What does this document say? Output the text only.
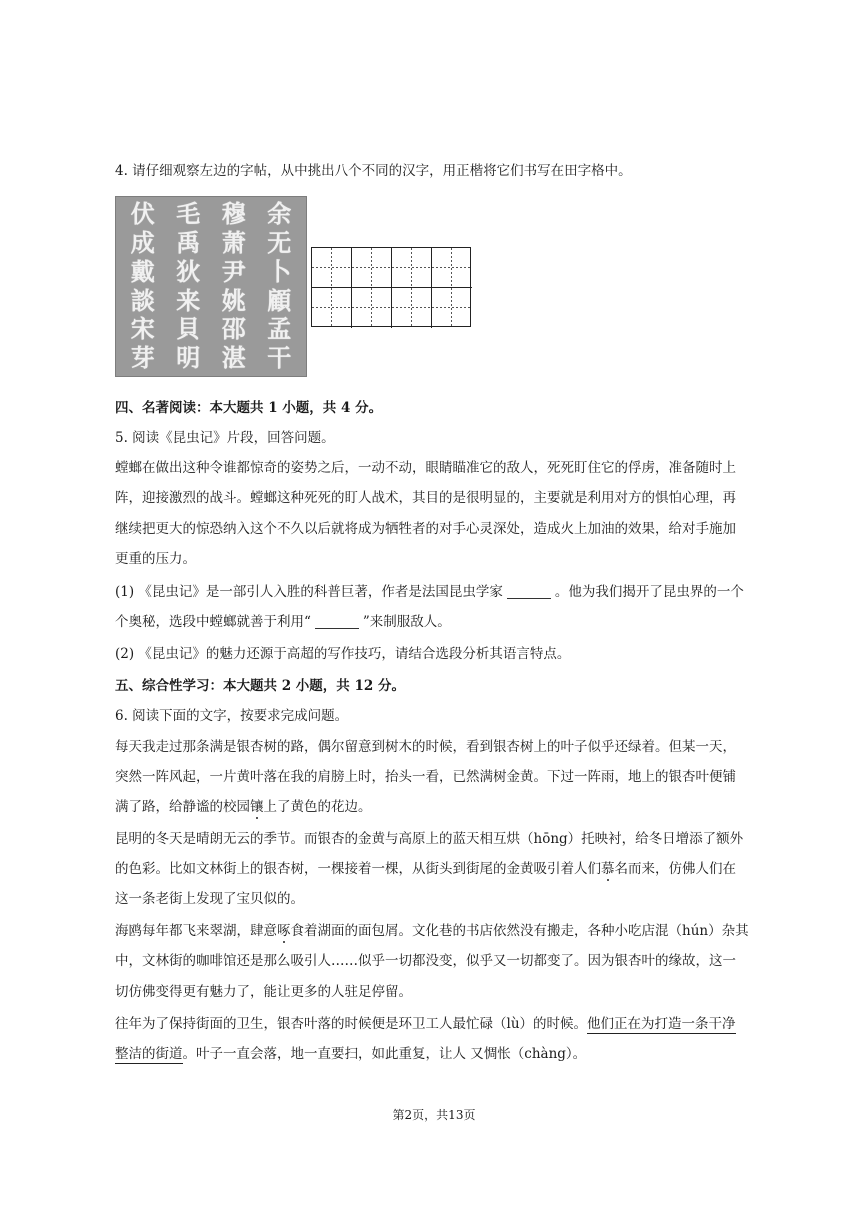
4. 请仔细观察左边的字帖，从中挑出八个不同的汉字，用正楷将它们书写在田字格中。
伏 毛 穆 余
成 禹 萧 无
戴 狄 尹 卜
談 来 姚 顧
宋 貝 邵 孟
芽 明 湛 干
四、名著阅读：本大题共 1 小题，共 4 分。
5. 阅读《昆虫记》片段，回答问题。
螳螂在做出这种令谁都惊奇的姿势之后，一动不动，眼睛瞄准它的敌人，死死盯住它的俘虏，准备随时上
阵，迎接激烈的战斗。螳螂这种死死的盯人战术，其目的是很明显的，主要就是利用对方的惧怕心理，再
继续把更大的惊恐纳入这个不久以后就将成为牺牲者的对手心灵深处，造成火上加油的效果，给对手施加
更重的压力。
(1) 《昆虫记》是一部引人入胜的科普巨著，作者是法国昆虫学家	。他为我们揭开了昆虫界的一个
个奥秘，选段中螳螂就善于利用“	”来制服敌人。
(2) 《昆虫记》的魅力还源于高超的写作技巧，请结合选段分析其语言特点。
五、综合性学习：本大题共 2 小题，共 12 分。
6. 阅读下面的文字，按要求完成问题。
每天我走过那条满是银杏树的路，偶尔留意到树木的时候，看到银杏树上的叶子似乎还绿着。但某一天，
突然一阵风起，一片黄叶落在我的肩膀上时，抬头一看，已然满树金黄。下过一阵雨，地上的银杏叶便铺
满了路，给静谧的校园镶上了黄色的花边。
昆明的冬天是晴朗无云的季节。而银杏的金黄与高原上的蓝天相互烘（hōng）托映衬，给冬日增添了额外
的色彩。比如文林街上的银杏树，一棵接着一棵，从街头到街尾的金黄吸引着人们慕名而来，仿佛人们在
这一条老街上发现了宝贝似的。
海鸥每年都飞来翠湖，肆意啄食着湖面的面包屑。文化巷的书店依然没有搬走，各种小吃店混（hún）杂其
中，文林街的咖啡馆还是那么吸引人……似乎一切都没变，似乎又一切都变了。因为银杏叶的缘故，这一
切仿佛变得更有魅力了，能让更多的人驻足停留。
往年为了保持街面的卫生，银杏叶落的时候便是环卫工人最忙碌（lù）的时候。他们正在为打造一条干净
整洁的街道。叶子一直会落，地一直要扫，如此重复，让人 又惆怅（chàng）。
第2页，共13页
